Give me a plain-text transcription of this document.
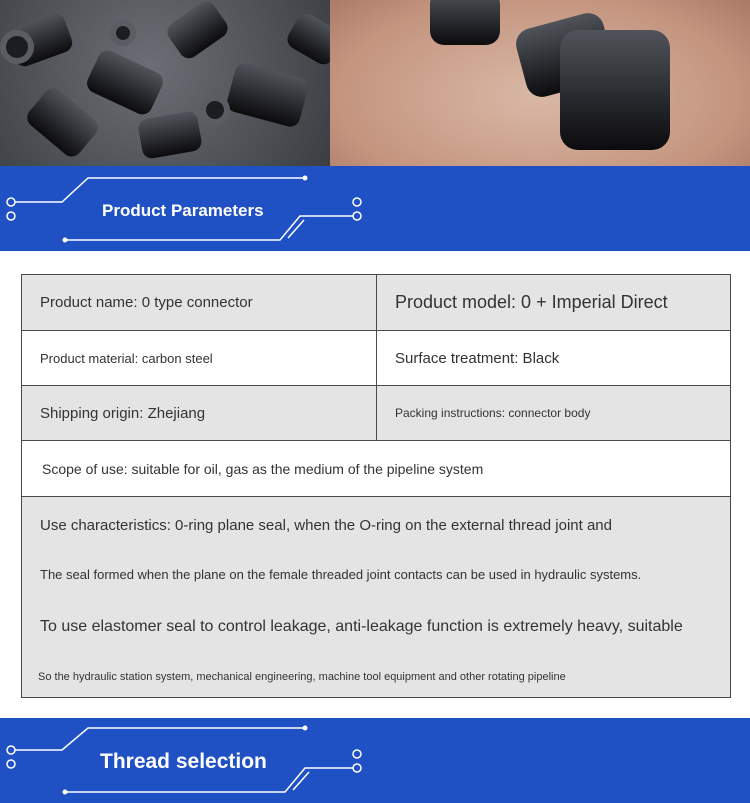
Product Parameters
Product name: 0 type connector	Product model: 0 + Imperial Direct
Product material: carbon steel	Surface treatment: Black
Shipping origin: Zhejiang	Packing instructions: connector body
Scope of use: suitable for oil, gas as the medium of the pipeline system
Use characteristics: 0-ring plane seal, when the O-ring on the external thread joint and
The seal formed when the plane on the female threaded joint contacts can be used in hydraulic systems.
To use elastomer seal to control leakage, anti-leakage function is extremely heavy, suitable
So the hydraulic station system, mechanical engineering, machine tool equipment and other rotating pipeline
Thread selection
